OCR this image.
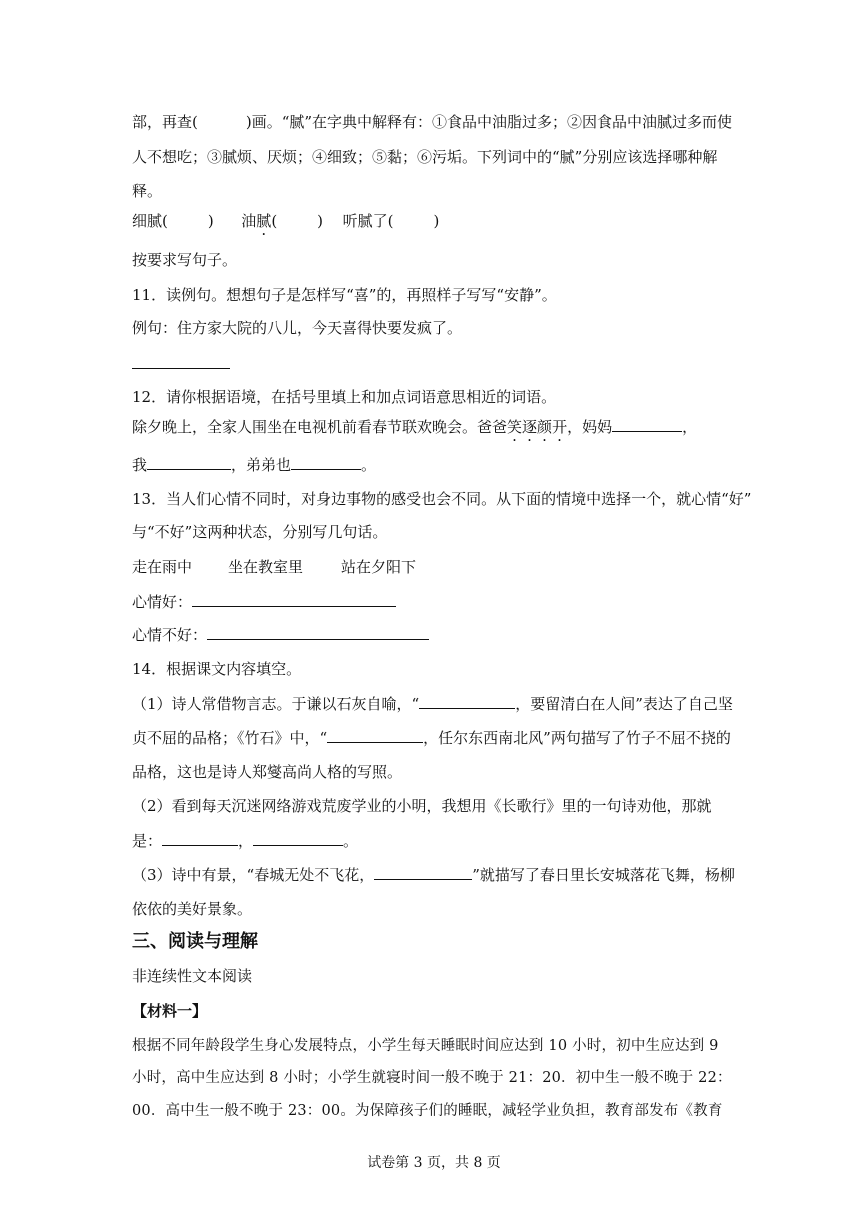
部，再查(	)画。“腻”在字典中解释有：①食品中油脂过多；②因食品中油腻过多而使
人不想吃；③腻烦、厌烦；④细致；⑤黏；⑥污垢。下列词中的“腻”分别应该选择哪种解
释。
细腻(	) 油腻(	) 听腻了(	)
按要求写句子。
11．读例句。想想句子是怎样写“喜”的，再照样子写写“安静”。
例句：住方家大院的八儿，今天喜得快要发疯了。
12．请你根据语境，在括号里填上和加点词语意思相近的词语。
除夕晚上，全家人围坐在电视机前看春节联欢晚会。爸爸笑逐颜开，妈妈	，
我	，弟弟也	。
13．当人们心情不同时，对身边事物的感受也会不同。从下面的情境中选择一个，就心情“好”
与“不好”这两种状态，分别写几句话。
走在雨中 坐在教室里	站在夕阳下
心情好：
心情不好：
14．根据课文内容填空。
（1）诗人常借物言志。于谦以石灰自喻，“	，要留清白在人间”表达了自己坚
贞不屈的品格；《竹石》中，“	，任尔东西南北风”两句描写了竹子不屈不挠的
品格，这也是诗人郑燮高尚人格的写照。
（2）看到每天沉迷网络游戏荒废学业的小明，我想用《长歌行》里的一句诗劝他，那就
是：	，	。
（3）诗中有景，“春城无处不飞花，	”就描写了春日里长安城落花飞舞，杨柳
依依的美好景象。
三、阅读与理解
非连续性文本阅读
【材料一】
根据不同年龄段学生身心发展特点，小学生每天睡眠时间应达到 10 小时，初中生应达到 9
小时，高中生应达到 8 小时；小学生就寝时间一般不晚于 21：20．初中生一般不晚于 22：
00．高中生一般不晚于 23：00。为保障孩子们的睡眠，减轻学业负担，教育部发布《教育
试卷第 3 页，共 8 页
